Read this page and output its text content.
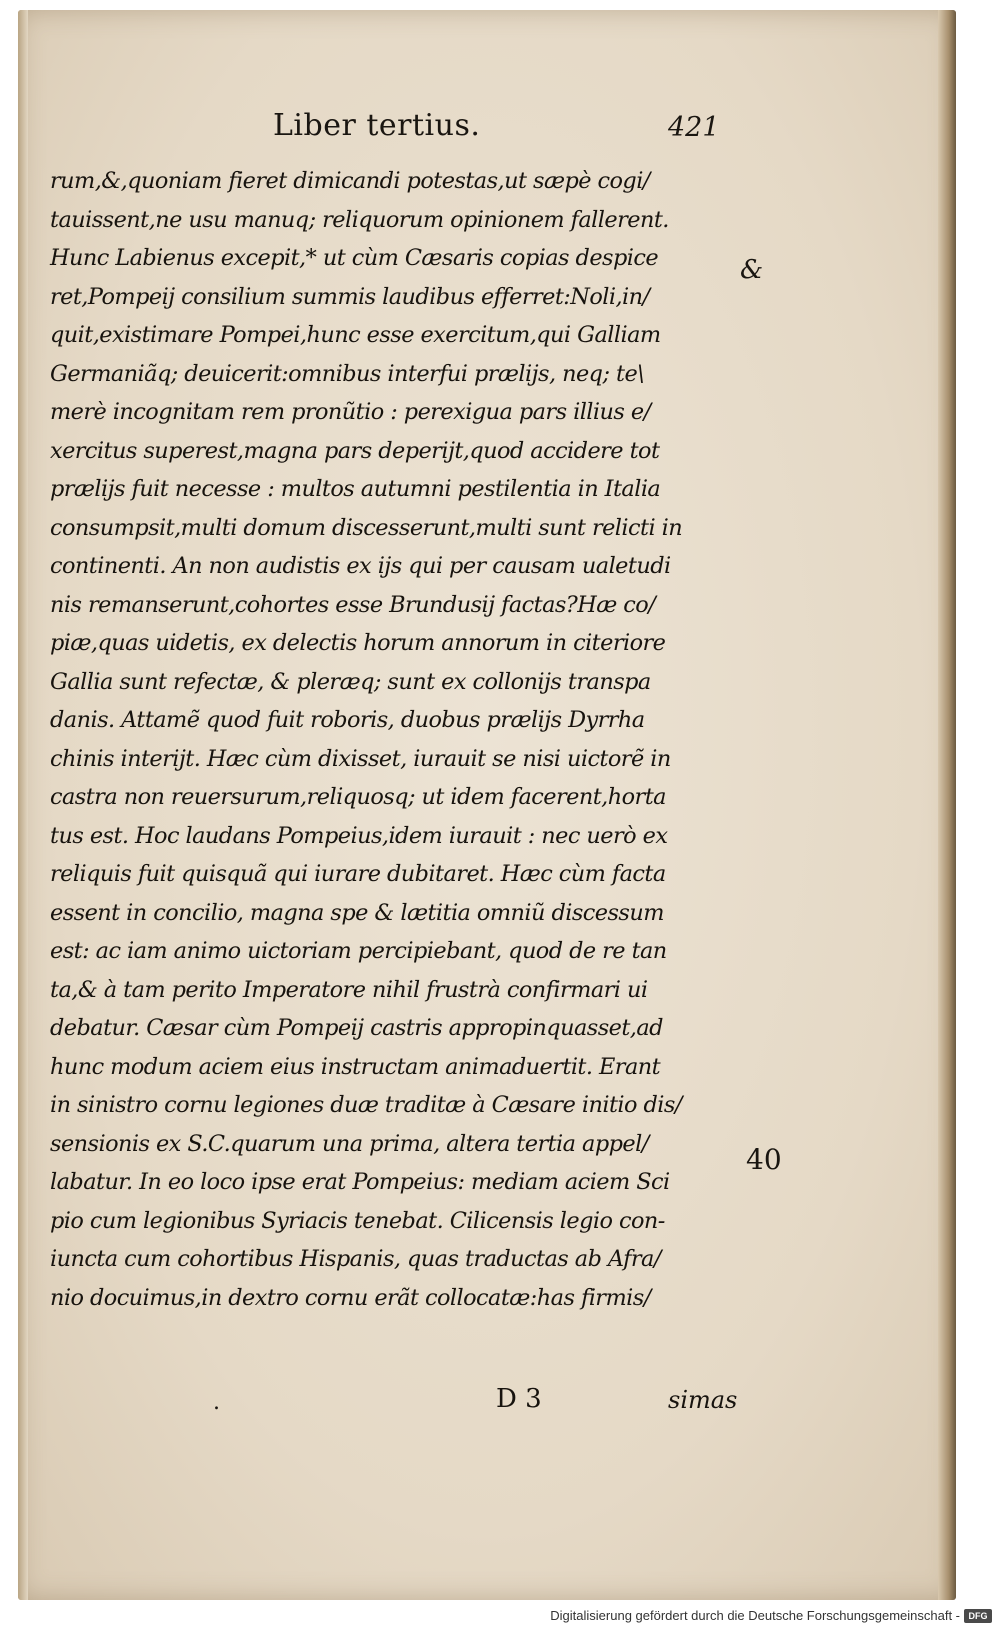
Liber tertius.	421
rum,&,quoniam fieret dimicandi potestas,ut sæpè cogi/
tauissent,ne usu manuq; reliquorum opinionem fallerent.
Hunc Labienus excepit,* ut cùm Cæsaris copias despice
ret,Pompeij consilium summis laudibus efferret:Noli,in/
quit,existimare Pompei,hunc esse exercitum,qui Galliam
Germaniãq; deuicerit:omnibus interfui prælijs, neq; te\
merè incognitam rem pronũtio : perexigua pars illius e/
xercitus superest,magna pars deperijt,quod accidere tot
prælijs fuit necesse : multos autumni pestilentia in Italia
consumpsit,multi domum discesserunt,multi sunt relicti in
continenti. An non audistis ex ijs qui per causam ualetudi
nis remanserunt,cohortes esse Brundusij factas?Hæ co/
piæ,quas uidetis, ex delectis horum annorum in citeriore
Gallia sunt refectæ, & pleræq; sunt ex collonijs transpa
danis. Attamẽ quod fuit roboris, duobus prælijs Dyrrha
chinis interijt. Hæc cùm dixisset, iurauit se nisi uictorẽ in
castra non reuersurum,reliquosq; ut idem facerent,horta
tus est. Hoc laudans Pompeius,idem iurauit : nec uerò ex
reliquis fuit quisquã qui iurare dubitaret. Hæc cùm facta
essent in concilio, magna spe & lætitia omniũ discessum
est: ac iam animo uictoriam percipiebant, quod de re tan
ta,& à tam perito Imperatore nihil frustrà confirmari ui
debatur. Cæsar cùm Pompeij castris appropinquasset,ad
hunc modum aciem eius instructam animaduertit. Erant
in sinistro cornu legiones duæ traditæ à Cæsare initio dis/
sensionis ex S.C.quarum una prima, altera tertia appel/
labatur. In eo loco ipse erat Pompeius: mediam aciem Sci
pio cum legionibus Syriacis tenebat. Cilicensis legio con-
iuncta cum cohortibus Hispanis, quas traductas ab Afra/
nio docuimus,in dextro cornu erãt collocatæ:has firmis/
&
40
.	D 3	simas
Digitalisierung gefördert durch die Deutsche Forschungsgemeinschaft - DFG
